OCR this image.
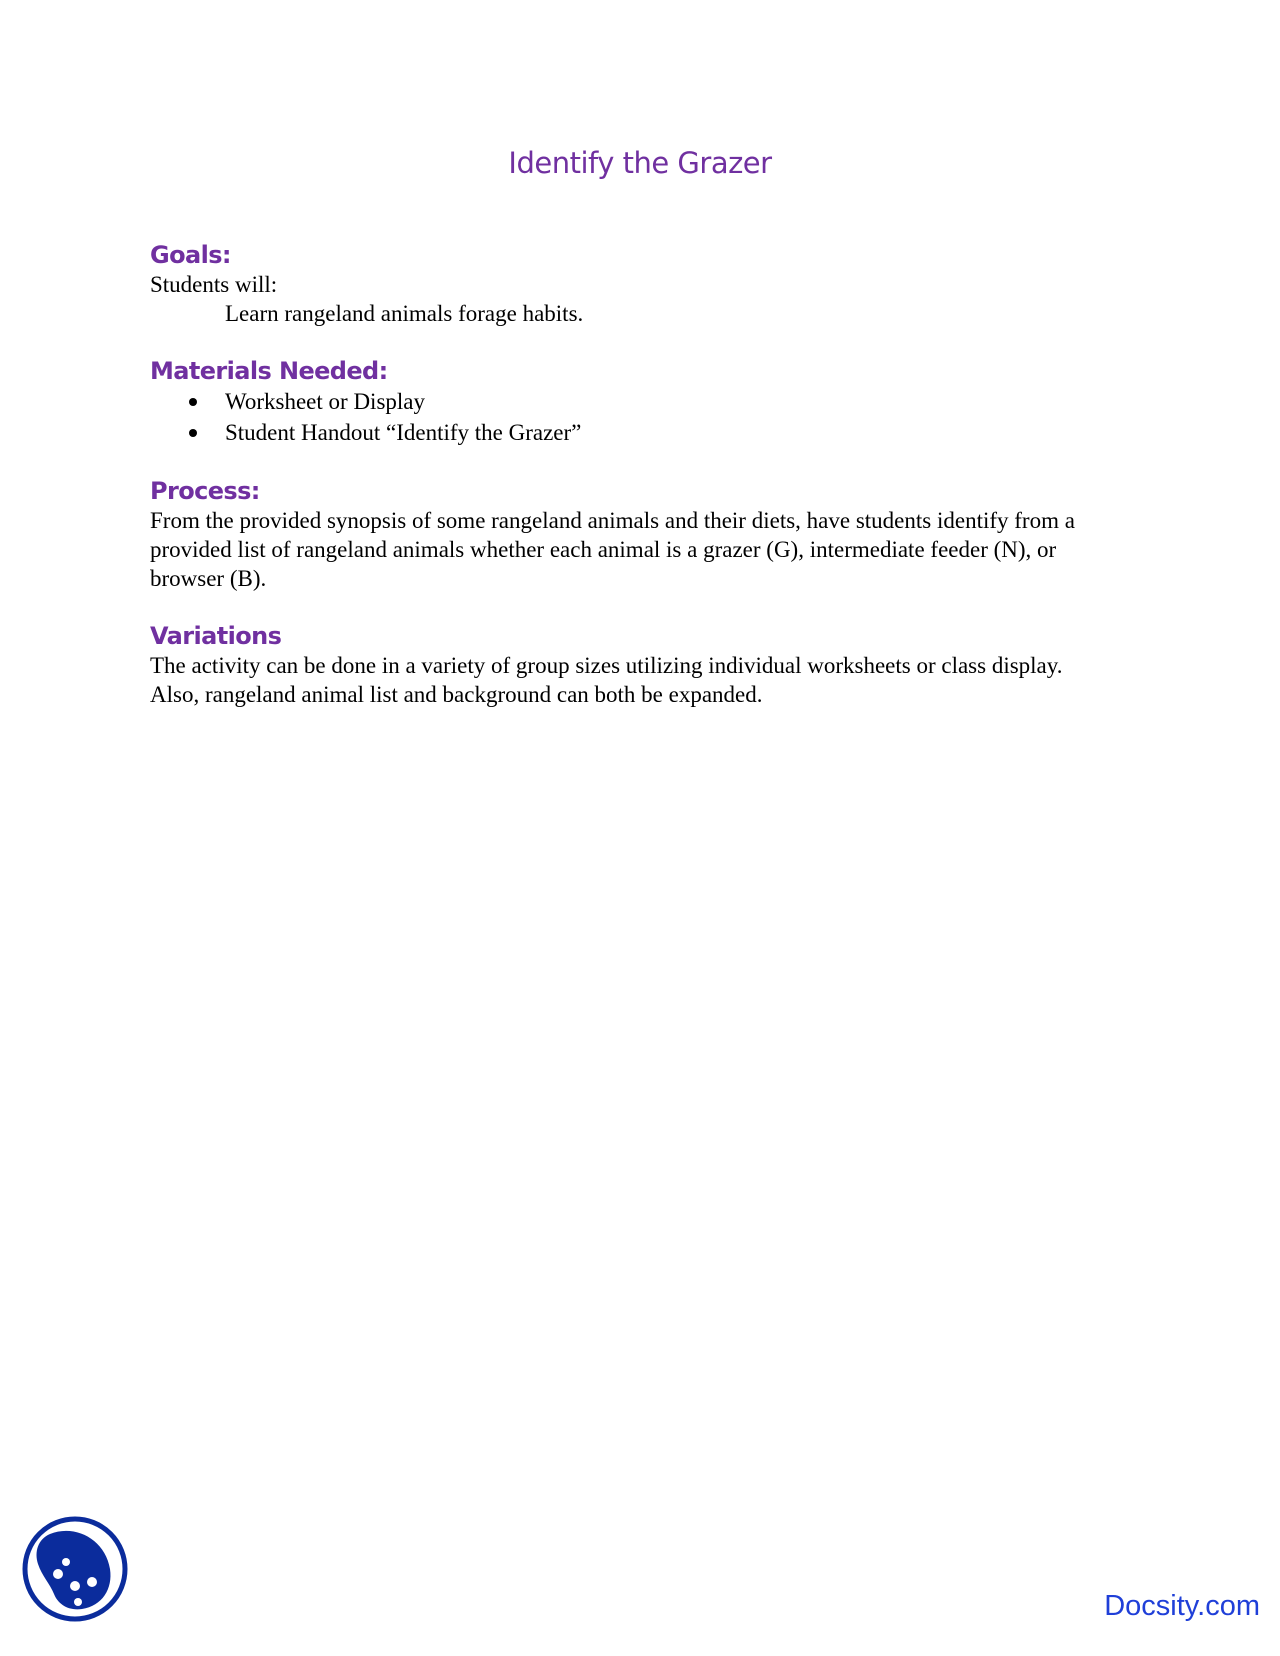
Identify the Grazer
Goals:

Students will:

Learn rangeland animals forage habits.

Materials Needed:
Worksheet or Display
Student Handout “Identify the Grazer”
Process:

From the provided synopsis of some rangeland animals and their diets, have students identify from a provided list of rangeland animals whether each animal is a grazer (G), intermediate feeder (N), or browser (B).

Variations

The activity can be done in a variety of group sizes utilizing individual worksheets or class display. Also, rangeland animal list and background can both be expanded.

Docsity.com
